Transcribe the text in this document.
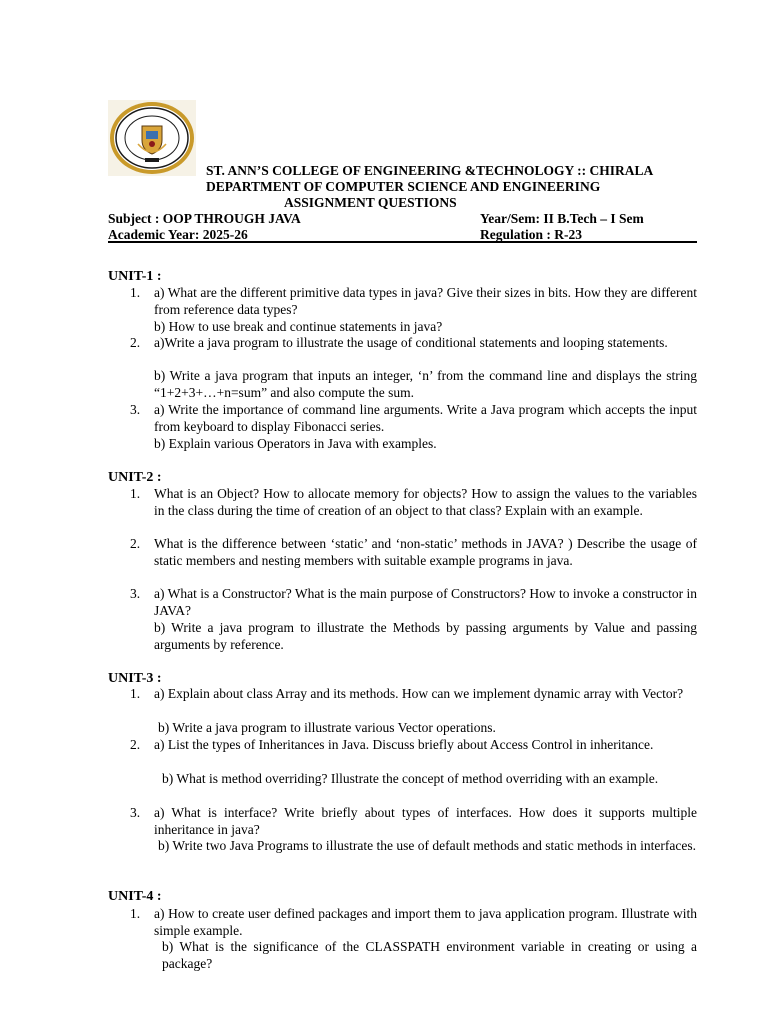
ST. ANN’S COLLEGE OF ENGINEERING &TECHNOLOGY :: CHIRALA
DEPARTMENT OF COMPUTER SCIENCE AND ENGINEERING
ASSIGNMENT QUESTIONS
Subject : OOP THROUGH JAVA	Year/Sem: II B.Tech – I Sem
Academic Year: 2025-26	Regulation : R-23
UNIT-1 :
1.	a) What are the different primitive data types in java? Give their sizes in bits. How they are different from reference data types?
b) How to use break and continue statements in java?
2.	a)Write a java program to illustrate the usage of conditional statements and looping statements.
b) Write a java program that inputs an integer, ‘n’ from the command line and displays the string “1+2+3+…+n=sum” and also compute the sum.
3.	a) Write the importance of command line arguments. Write a Java program which accepts the input from keyboard to display Fibonacci series.
b) Explain various Operators in Java with examples.
UNIT-2 :
1.	What is an Object? How to allocate memory for objects? How to assign the values to the variables in the class during the time of creation of an object to that class? Explain with an example.
2.	What is the difference between ‘static’ and ‘non-static’ methods in JAVA? ) Describe the usage of static members and nesting members with suitable example programs in java.
3.	a) What is a Constructor? What is the main purpose of Constructors? How to invoke a constructor in JAVA?
b) Write a java program to illustrate the Methods by passing arguments by Value and passing arguments by reference.
UNIT-3 :
1.	a) Explain about class Array and its methods. How can we implement dynamic array with Vector?
b) Write a java program to illustrate various Vector operations.
2.	a) List the types of Inheritances in Java. Discuss briefly about Access Control in inheritance.
b) What is method overriding? Illustrate the concept of method overriding with an example.
3.	a) What is interface? Write briefly about types of interfaces. How does it supports multiple inheritance in java?
b) Write two Java Programs to illustrate the use of default methods and static methods in interfaces.
UNIT-4 :
1.	a) How to create user defined packages and import them to java application program. Illustrate with simple example.
b) What is the significance of the CLASSPATH environment variable in creating or using a package?
